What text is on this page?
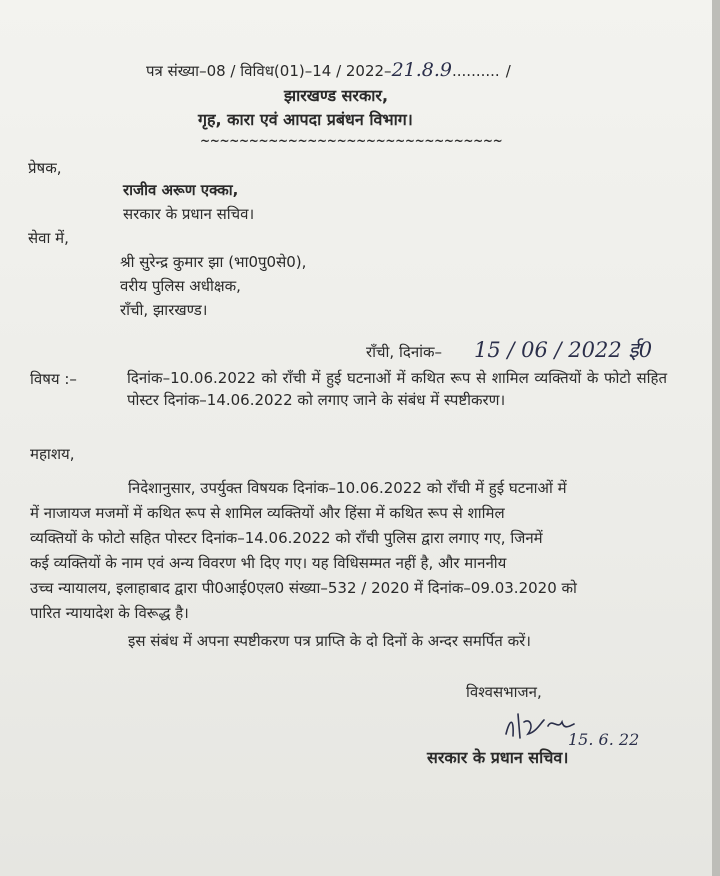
पत्र संख्या–08 / विविध(01)–14 / 2022–21.8.9.......... /
झारखण्ड सरकार,
गृह, कारा एवं आपदा प्रबंधन विभाग।
~~~~~~~~~~~~~~~~~~~~~~~~~~~~~~~
प्रेषक,
राजीव अरूण एक्का,
सरकार के प्रधान सचिव।
सेवा में,
श्री सुरेन्द्र कुमार झा (भा0पु0से0),
वरीय पुलिस अधीक्षक,
राँची, झारखण्ड।
राँची, दिनांक– 15 / 06 / 2022 ई0
विषय :–	दिनांक–10.06.2022 को राँची में हुई घटनाओं में कथित रूप से शामिल व्यक्तियों के फोटो सहित पोस्टर दिनांक–14.06.2022 को लगाए जाने के संबंध में स्पष्टीकरण।
महाशय,
निदेशानुसार, उपर्युक्त विषयक दिनांक–10.06.2022 को राँची में हुई घटनाओं में
में नाजायज मजमों में कथित रूप से शामिल व्यक्तियों और हिंसा में कथित रूप से शामिल
व्यक्तियों के फोटो सहित पोस्टर दिनांक–14.06.2022 को राँची पुलिस द्वारा लगाए गए, जिनमें
कई व्यक्तियों के नाम एवं अन्य विवरण भी दिए गए। यह विधिसम्मत नहीं है, और माननीय
उच्च न्यायालय, इलाहाबाद द्वारा पी0आई0एल0 संख्या–532 / 2020 में दिनांक–09.03.2020 को
पारित न्यायादेश के विरूद्ध है।
इस संबंध में अपना स्पष्टीकरण पत्र प्राप्ति के दो दिनों के अन्दर समर्पित करें।
विश्वसभाजन,
15. 6. 22
सरकार के प्रधान सचिव।
